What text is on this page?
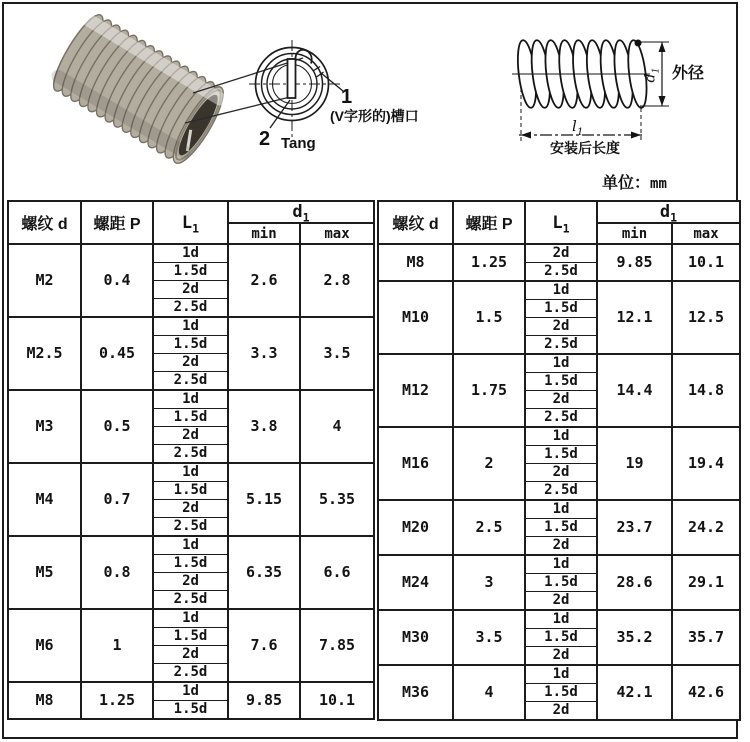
1
(V字形的)槽口
2 Tang
$d_1$ 外径
$l_1$
安装后长度
单位：mm
螺纹 d	螺距 P	$L_1$	$d_1$
			min	max
M2	0.4	1d	2.6	2.8
		1.5d		
		2d		
		2.5d		
M2.5	0.45	1d	3.3	3.5
		1.5d		
		2d		
		2.5d		
M3	0.5	1d	3.8	4
		1.5d		
		2d		
		2.5d		
M4	0.7	1d	5.15	5.35
		1.5d		
		2d		
		2.5d		
M5	0.8	1d	6.35	6.6
		1.5d		
		2d		
		2.5d		
M6	1	1d	7.6	7.85
		1.5d		
		2d		
		2.5d		
M8	1.25	1d	9.85	10.1
		1.5d		
螺纹 d	螺距 P	$L_1$	$d_1$
			min	max
M8	1.25	2d	9.85	10.1
		2.5d		
M10	1.5	1d	12.1	12.5
		1.5d		
		2d		
		2.5d		
M12	1.75	1d	14.4	14.8
		1.5d		
		2d		
		2.5d		
M16	2	1d	19	19.4
		1.5d		
		2d		
		2.5d		
M20	2.5	1d	23.7	24.2
		1.5d		
		2d		
M24	3	1d	28.6	29.1
		1.5d		
		2d		
M30	3.5	1d	35.2	35.7
		1.5d		
		2d		
M36	4	1d	42.1	42.6
		1.5d		
		2d		
